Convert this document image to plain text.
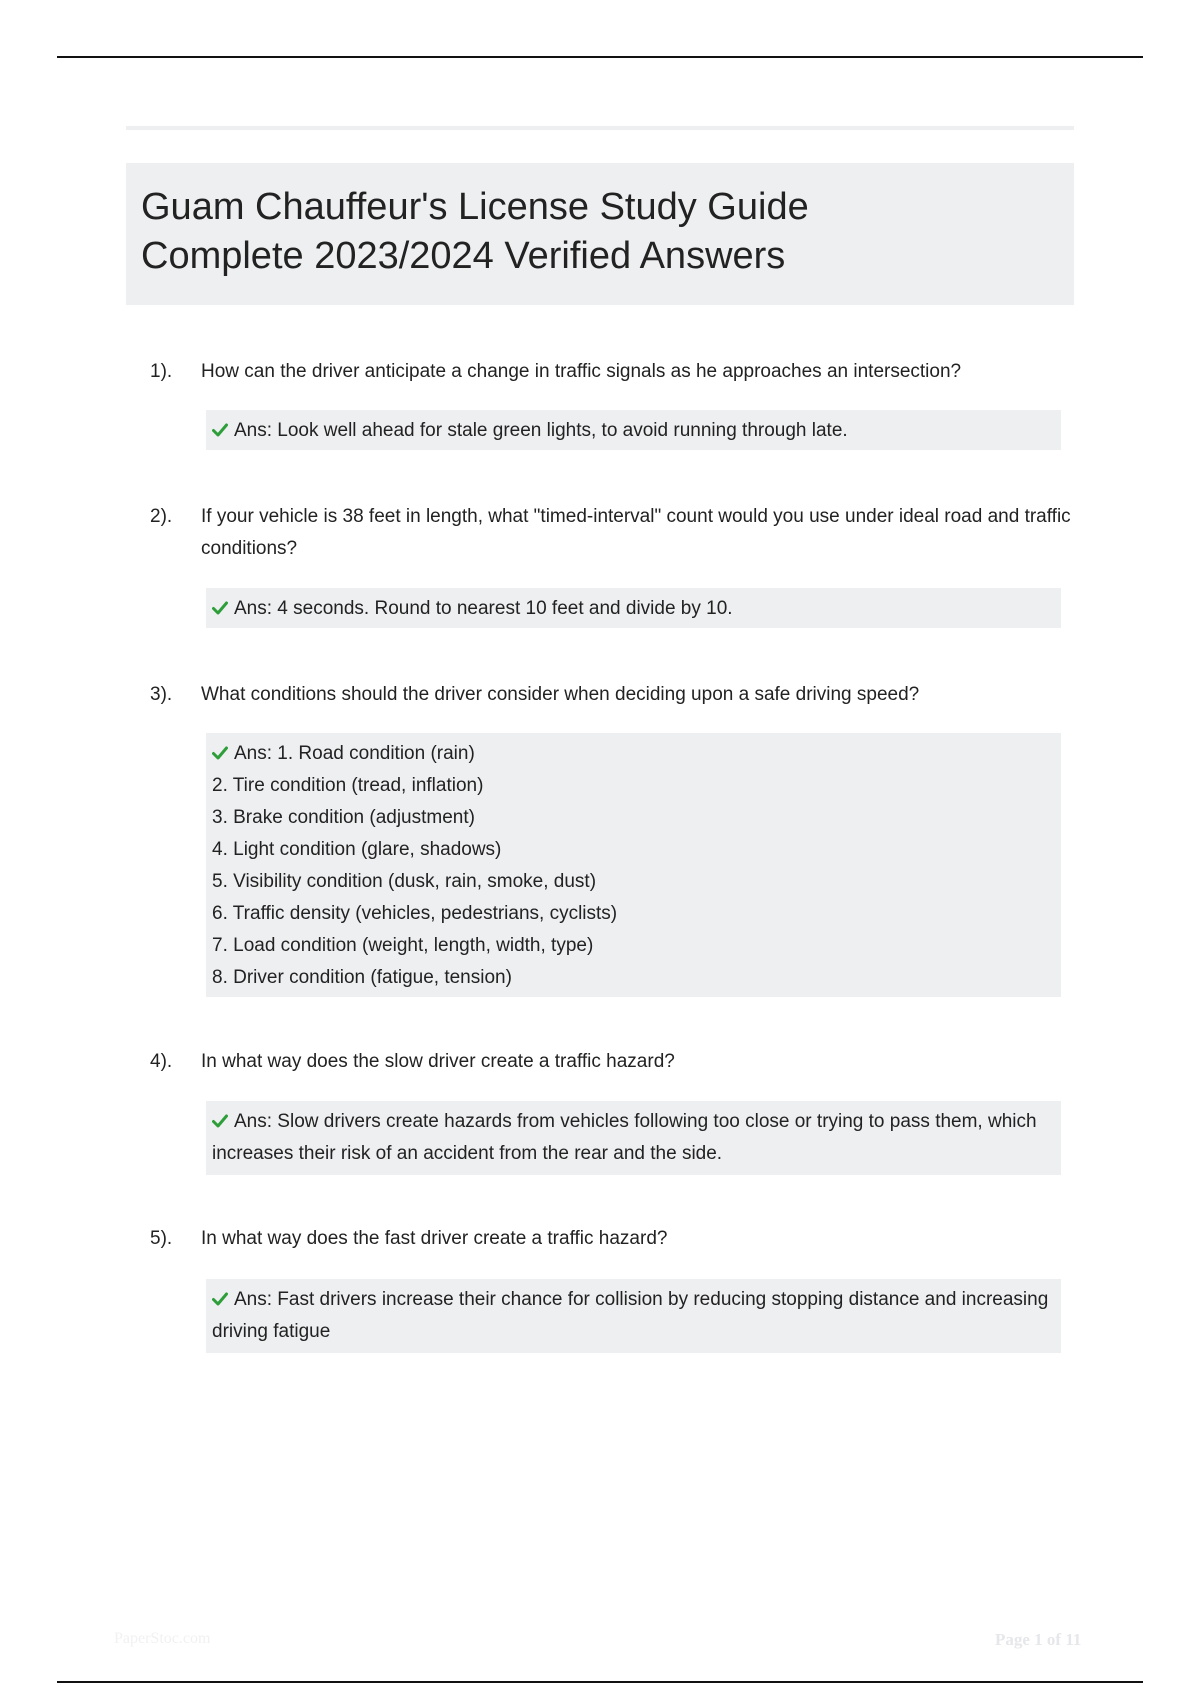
Guam Chauffeur's License Study Guide

Complete 2023/2024 Verified Answers

1). How can the driver anticipate a change in traffic signals as he approaches an intersection?
Ans: Look well ahead for stale green lights, to avoid running through late.
2). If your vehicle is 38 feet in length, what "timed-interval" count would you use under ideal road and traffic conditions?
Ans: 4 seconds. Round to nearest 10 feet and divide by 10.
3). What conditions should the driver consider when deciding upon a safe driving speed?
Ans: 1. Road condition (rain)
2. Tire condition (tread, inflation)
3. Brake condition (adjustment)
4. Light condition (glare, shadows)
5. Visibility condition (dusk, rain, smoke, dust)
6. Traffic density (vehicles, pedestrians, cyclists)
7. Load condition (weight, length, width, type)
8. Driver condition (fatigue, tension)
4). In what way does the slow driver create a traffic hazard?
Ans: Slow drivers create hazards from vehicles following too close or trying to pass them, which increases their risk of an accident from the rear and the side.
5). In what way does the fast driver create a traffic hazard?
Ans: Fast drivers increase their chance for collision by reducing stopping distance and increasing driving fatigue
PaperStoc.com	Page 1 of 11
